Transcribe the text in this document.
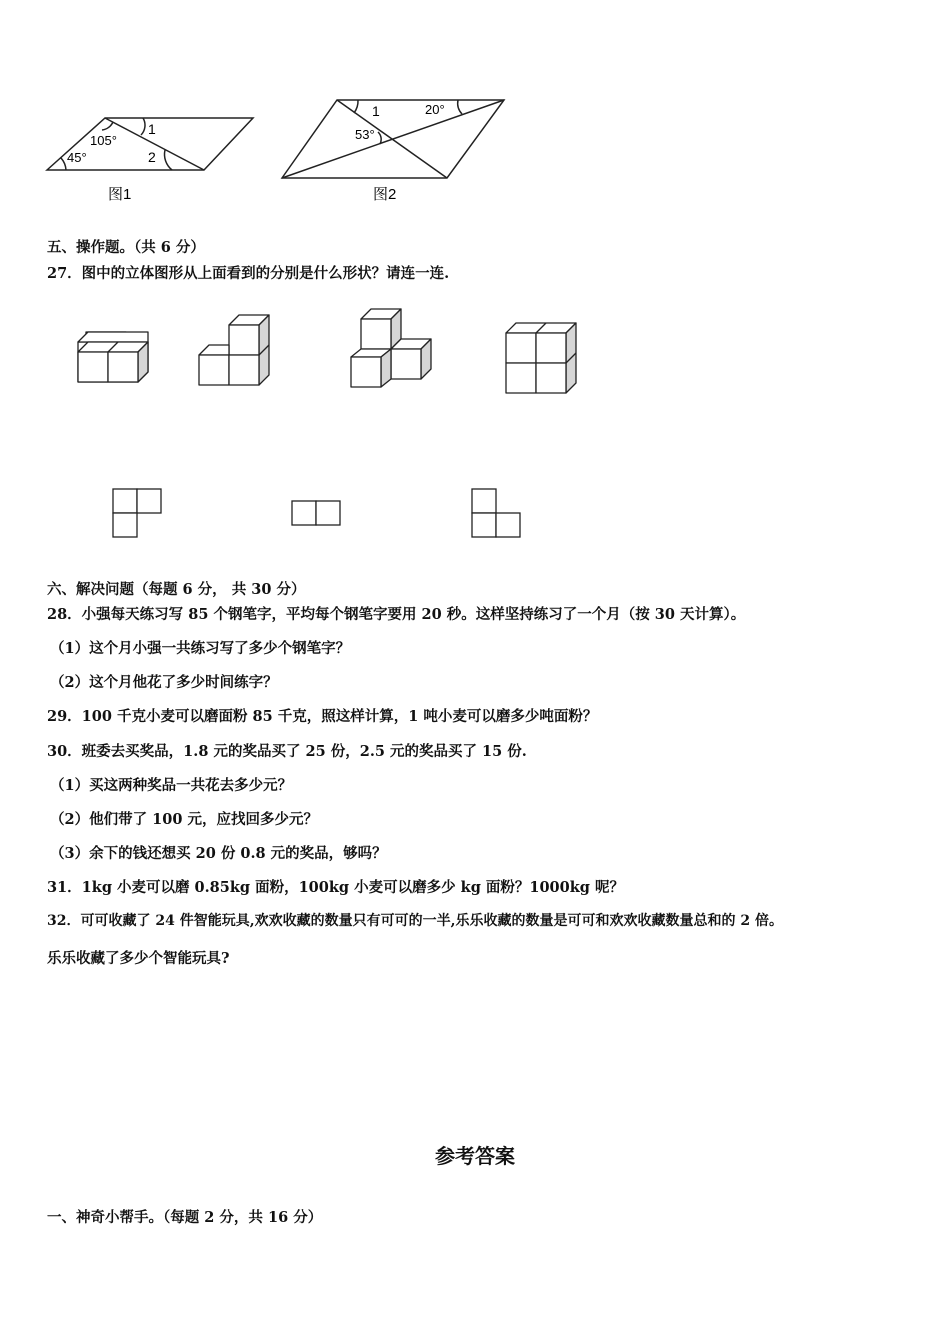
105°
45°
1
2
图1
1	20°
53°
图2
五、操作题。（共 6 分）
27．图中的立体图形从上面看到的分别是什么形状？请连一连.
六、解决问题（每题 6 分， 共 30 分）
28．小强每天练习写 85 个钢笔字，平均每个钢笔字要用 20 秒。这样坚持练习了一个月（按 30 天计算）。
（1）这个月小强一共练习写了多少个钢笔字？
（2）这个月他花了多少时间练字？
29．100 千克小麦可以磨面粉 85 千克，照这样计算，1 吨小麦可以磨多少吨面粉？
30．班委去买奖品，1.8 元的奖品买了 25 份，2.5 元的奖品买了 15 份.
（1）买这两种奖品一共花去多少元？
（2）他们带了 100 元，应找回多少元？
（3）余下的钱还想买 20 份 0.8 元的奖品，够吗？
31．1kg 小麦可以磨 0.85kg 面粉，100kg 小麦可以磨多少 kg 面粉？1000kg 呢？
32．可可收藏了 24 件智能玩具,欢欢收藏的数量只有可可的一半,乐乐收藏的数量是可可和欢欢收藏数量总和的 2 倍。
乐乐收藏了多少个智能玩具?
参考答案
一、神奇小帮手。（每题 2 分，共 16 分）
